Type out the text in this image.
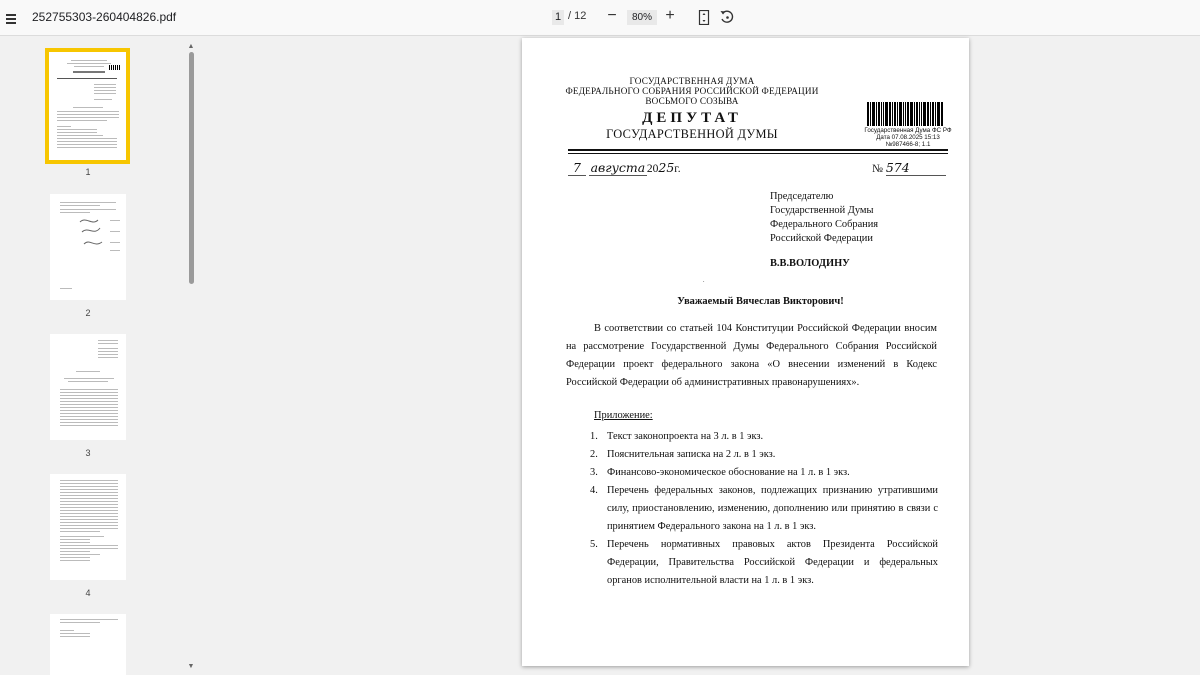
252755303-260404826.pdf	1 / 12 −	80% +
1
2
3
4
▲
▼
ГОСУДАРСТВЕННАЯ ДУМА
ФЕДЕРАЛЬНОГО СОБРАНИЯ РОССИЙСКОЙ ФЕДЕРАЦИИ
ВОСЬМОГО СОЗЫВА
ДЕПУТАТ
ГОСУДАРСТВЕННОЙ ДУМЫ	Государственная Дума ФС РФ
Дата 07.08.2025 15:13
№987466-8; 1.1
7 августа 2025г.	№ 574
Председателю
Государственной Думы
Федерального Собрания
Российской Федерации
В.В.ВОЛОДИНУ
.
Уважаемый Вячеслав Викторович!
В соответствии со статьей 104 Конституции Российской Федерации вносим на рассмотрение Государственной Думы Федерального Собрания Российской Федерации проект федерального закона «О внесении изменений в Кодекс Российской Федерации об административных правонарушениях».
Приложение:
1. Текст законопроекта на 3 л. в 1 экз.
2. Пояснительная записка на 2 л. в 1 экз.
3. Финансово-экономическое обоснование на 1 л. в 1 экз.
4. Перечень федеральных законов, подлежащих признанию утратившими силу, приостановлению, изменению, дополнению или принятию в связи с принятием Федерального закона на 1 л. в 1 экз.
5. Перечень нормативных правовых актов Президента Российской Федерации, Правительства Российской Федерации и федеральных органов исполнительной власти на 1 л. в 1 экз.
